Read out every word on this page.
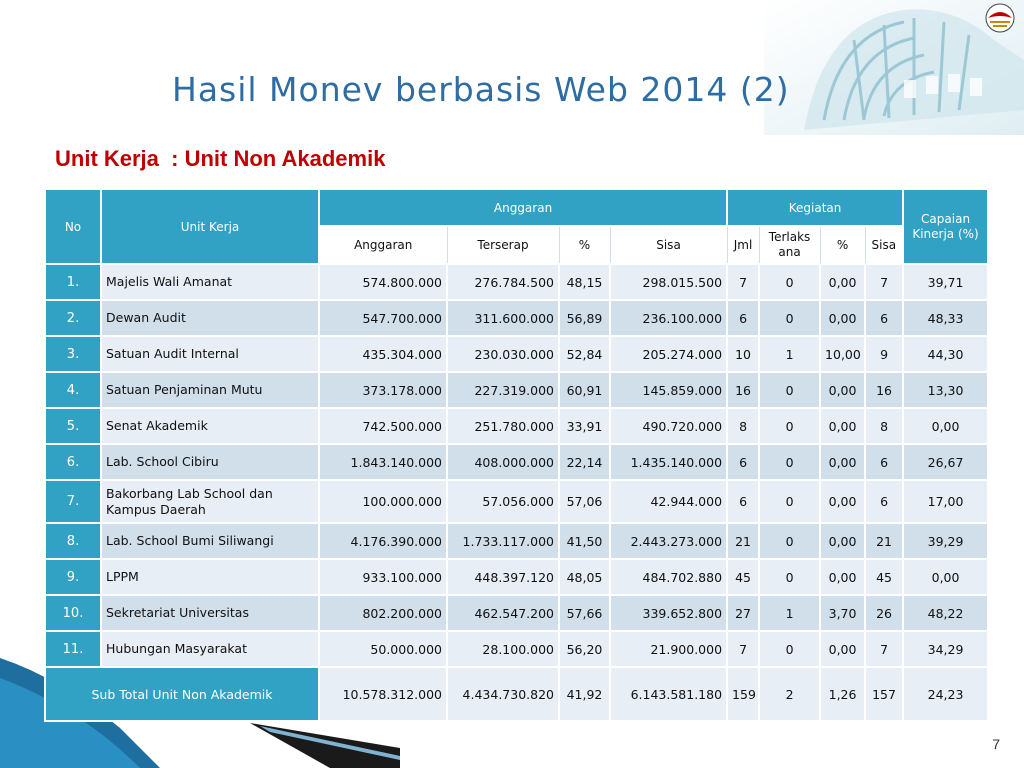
Hasil Monev berbasis Web 2014 (2)
Unit Kerja  : Unit Non Akademik
No	Unit Kerja	Anggaran				Kegiatan				Capaian Kinerja (%)
		Anggaran	Terserap	%	Sisa	Jml	Terlaks ana	%	Sisa	
1.	Majelis Wali Amanat	574.800.000	276.784.500	48,15	298.015.500	7	0	0,00	7	39,71
2.	Dewan Audit	547.700.000	311.600.000	56,89	236.100.000	6	0	0,00	6	48,33
3.	Satuan Audit Internal	435.304.000	230.030.000	52,84	205.274.000	10	1	10,00	9	44,30
4.	Satuan Penjaminan Mutu	373.178.000	227.319.000	60,91	145.859.000	16	0	0,00	16	13,30
5.	Senat Akademik	742.500.000	251.780.000	33,91	490.720.000	8	0	0,00	8	0,00
6.	Lab. School Cibiru	1.843.140.000	408.000.000	22,14	1.435.140.000	6	0	0,00	6	26,67
7.	Bakorbang Lab School dan Kampus Daerah	100.000.000	57.056.000	57,06	42.944.000	6	0	0,00	6	17,00
8.	Lab. School Bumi Siliwangi	4.176.390.000	1.733.117.000	41,50	2.443.273.000	21	0	0,00	21	39,29
9.	LPPM	933.100.000	448.397.120	48,05	484.702.880	45	0	0,00	45	0,00
10.	Sekretariat Universitas	802.200.000	462.547.200	57,66	339.652.800	27	1	3,70	26	48,22
11.	Hubungan Masyarakat	50.000.000	28.100.000	56,20	21.900.000	7	0	0,00	7	34,29
Sub Total Unit Non Akademik		10.578.312.000	4.434.730.820	41,92	6.143.581.180	159	2	1,26	157	24,23
7
